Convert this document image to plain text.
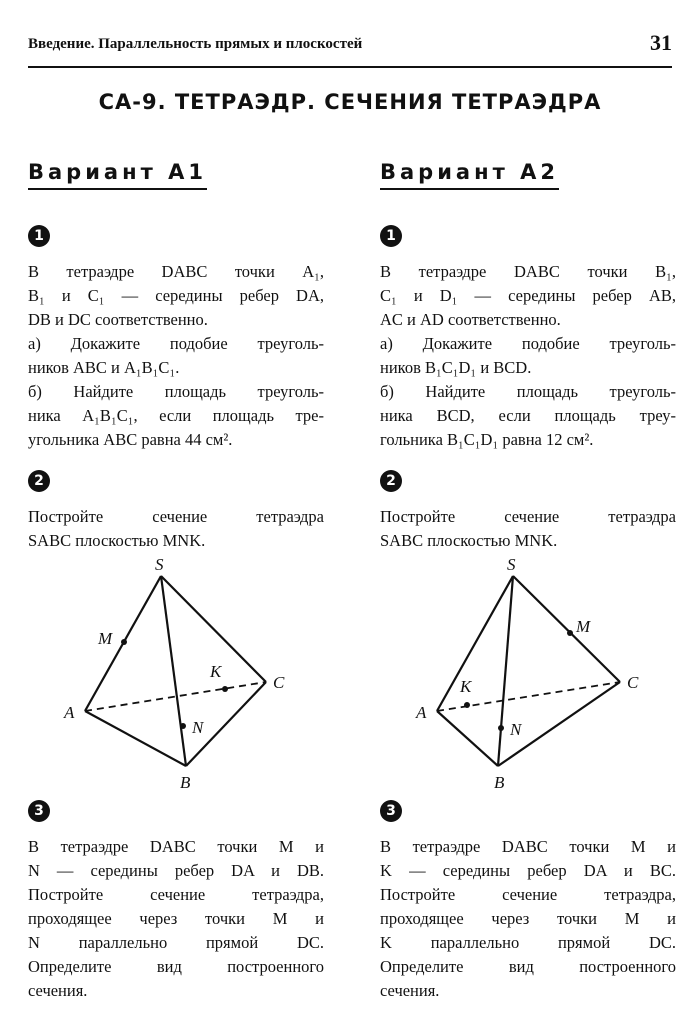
Введение. Параллельность прямых и плоскостей	31
СА-9. ТЕТРАЭДР. СЕЧЕНИЯ ТЕТРАЭДРА
Вариант А1
1
В тетраэдре DABC точки A₁,
B₁ и C₁ — середины ребер DA,
DB и DC соответственно.
а) Докажите подобие треуголь-
ников ABC и A₁B₁C₁.
б) Найдите площадь треуголь-
ника A₁B₁C₁, если площадь тре-
угольника ABC равна 44 см².
2
Постройте сечение тетраэдра
SABC плоскостью MNK.
S
A
B
C
M
N
K
3
В тетраэдре DABC точки M и
N — середины ребер DA и DB.
Постройте сечение тетраэдра,
проходящее через точки M и
N параллельно прямой DC.
Определите вид построенного
сечения.
Вариант А2
1
В тетраэдре DABC точки B₁,
C₁ и D₁ — середины ребер AB,
AC и AD соответственно.
а) Докажите подобие треуголь-
ников B₁C₁D₁ и BCD.
б) Найдите площадь треуголь-
ника BCD, если площадь треу-
гольника B₁C₁D₁ равна 12 см².
2
Постройте сечение тетраэдра
SABC плоскостью MNK.
S
A
B
C
M
N
K
3
В тетраэдре DABC точки M и
K — середины ребер DA и BC.
Постройте сечение тетраэдра,
проходящее через точки M и
K параллельно прямой DC.
Определите вид построенного
сечения.
